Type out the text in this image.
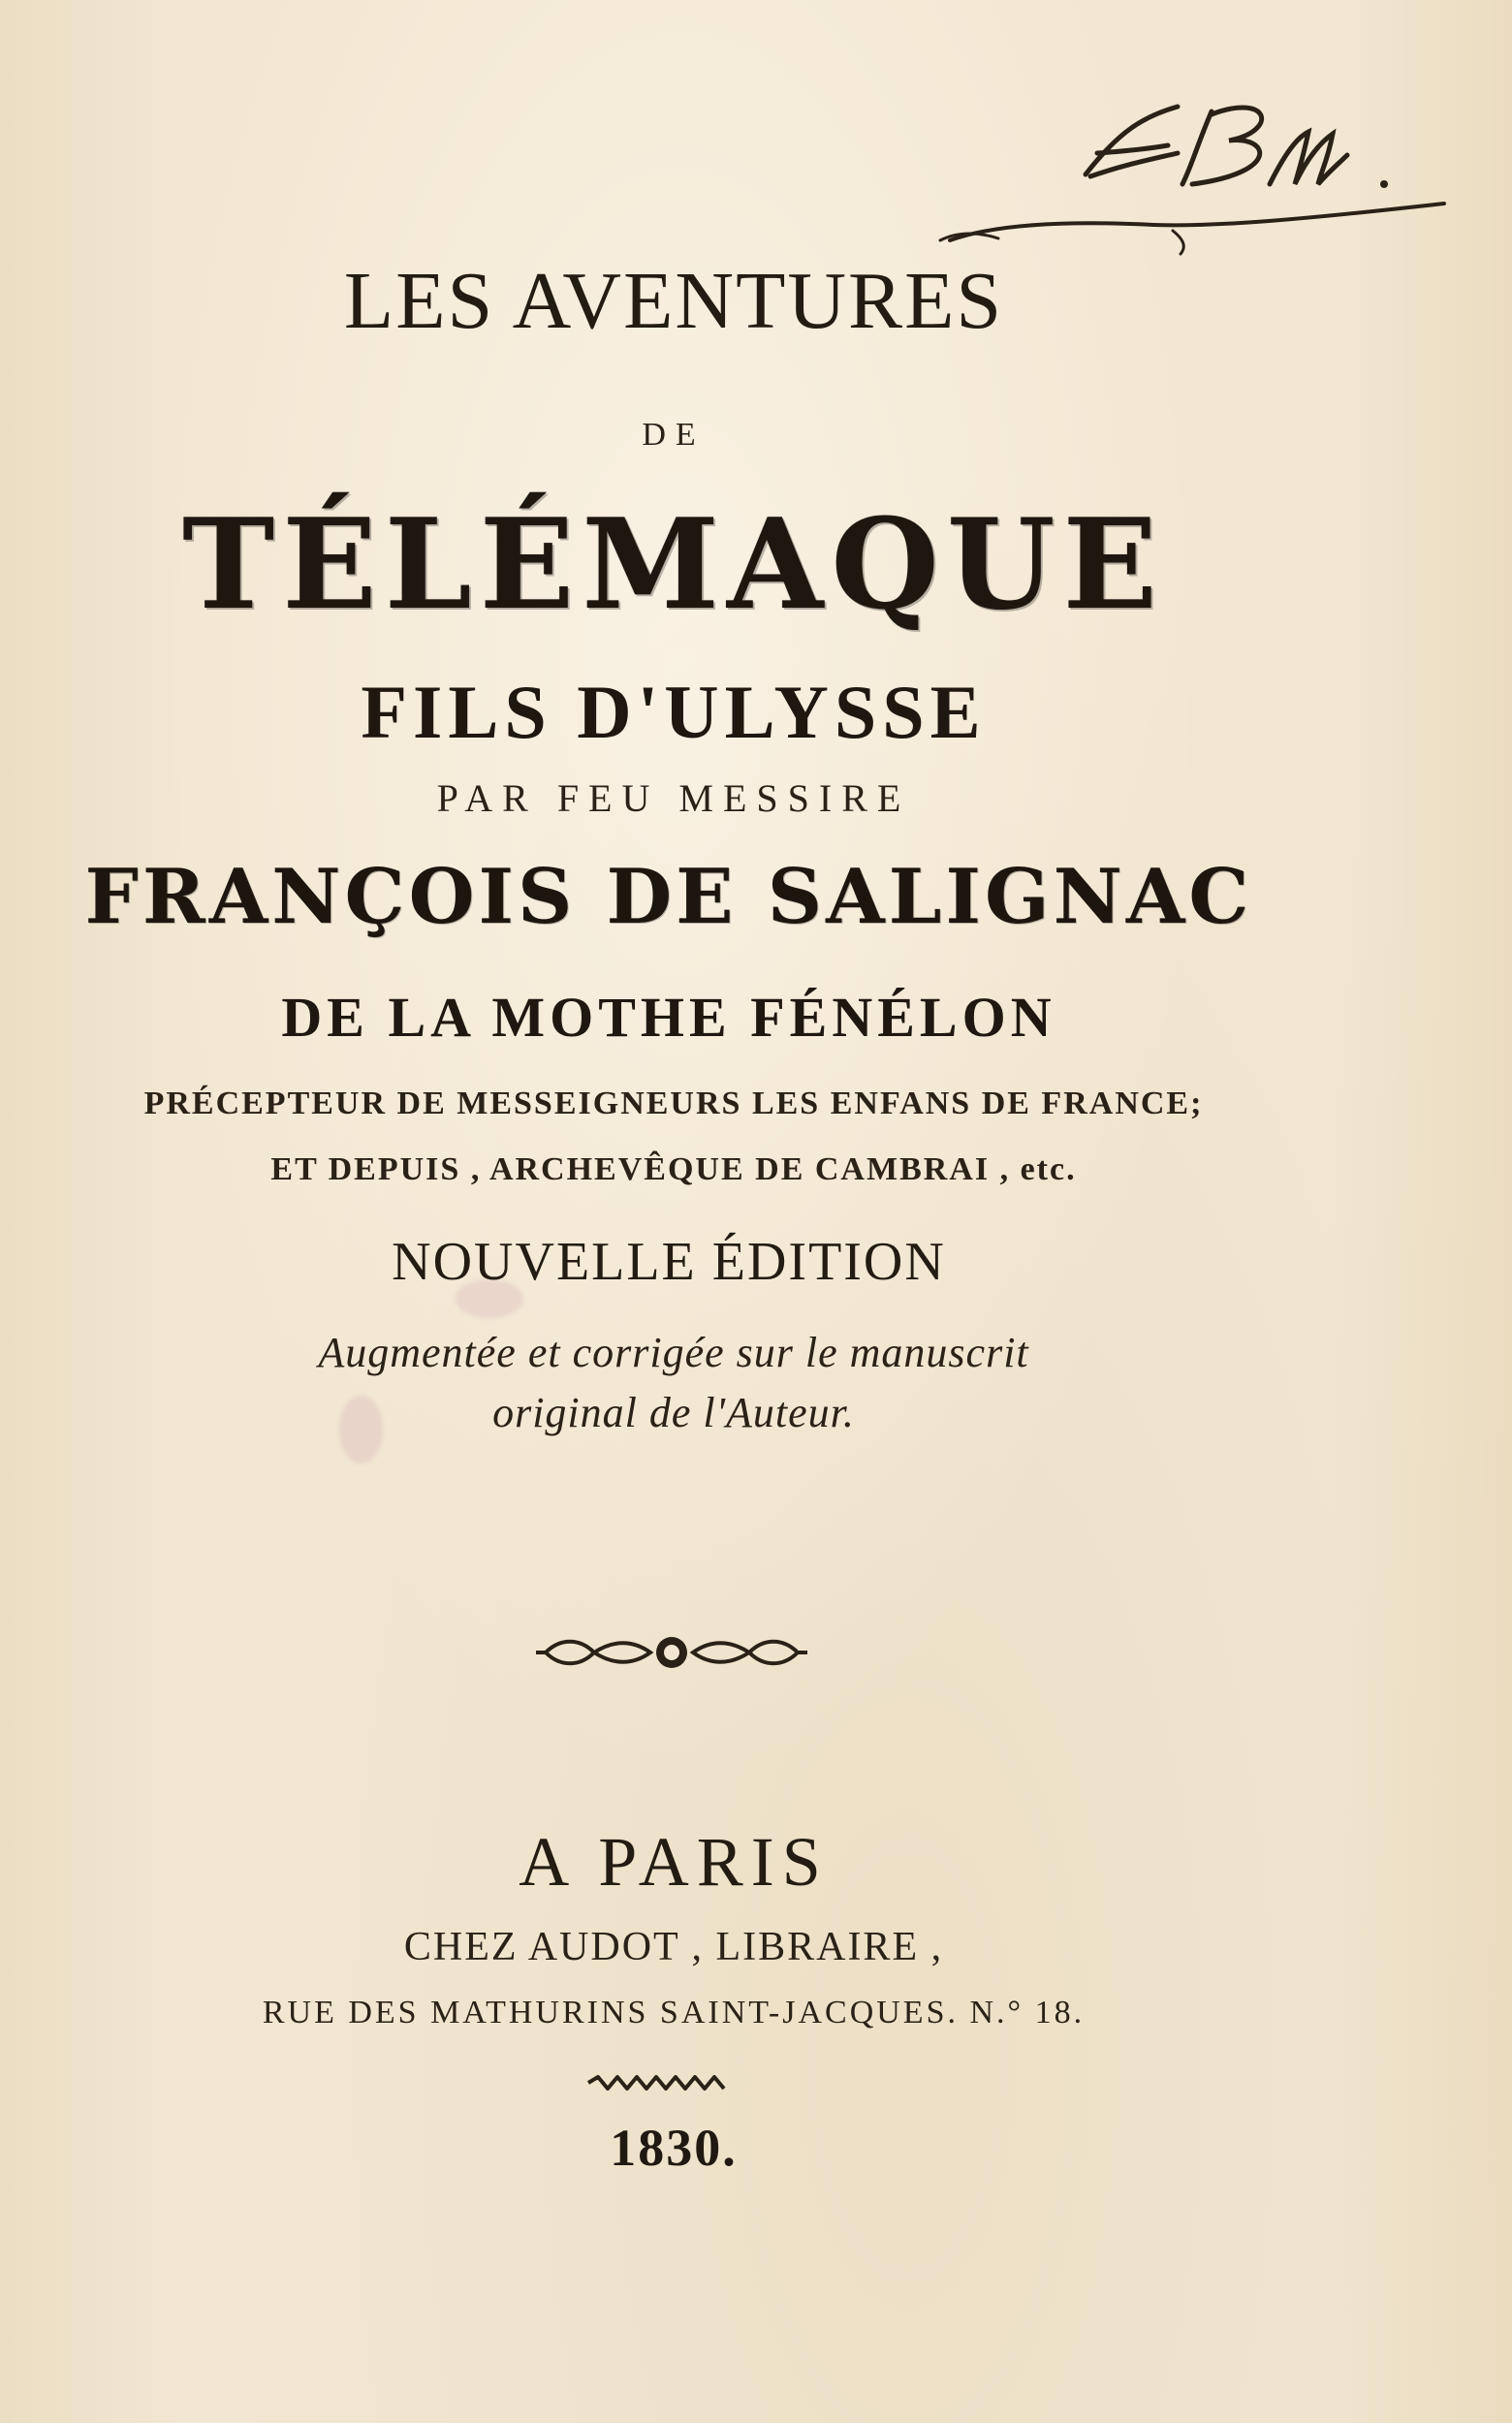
EBm.
LES AVENTURES
DE
TÉLÉMAQUE
FILS D'ULYSSE
PAR FEU MESSIRE
FRANÇOIS DE SALIGNAC
DE LA MOTHE FÉNÉLON
PRÉCEPTEUR DE MESSEIGNEURS LES ENFANS DE FRANCE;
ET DEPUIS , ARCHEVÊQUE DE CAMBRAI , etc.
NOUVELLE ÉDITION
Augmentée et corrigée sur le manuscrit
original de l'Auteur.
A PARIS
CHEZ AUDOT , LIBRAIRE ,
RUE DES MATHURINS SAINT-JACQUES. N.° 18.
1830.
